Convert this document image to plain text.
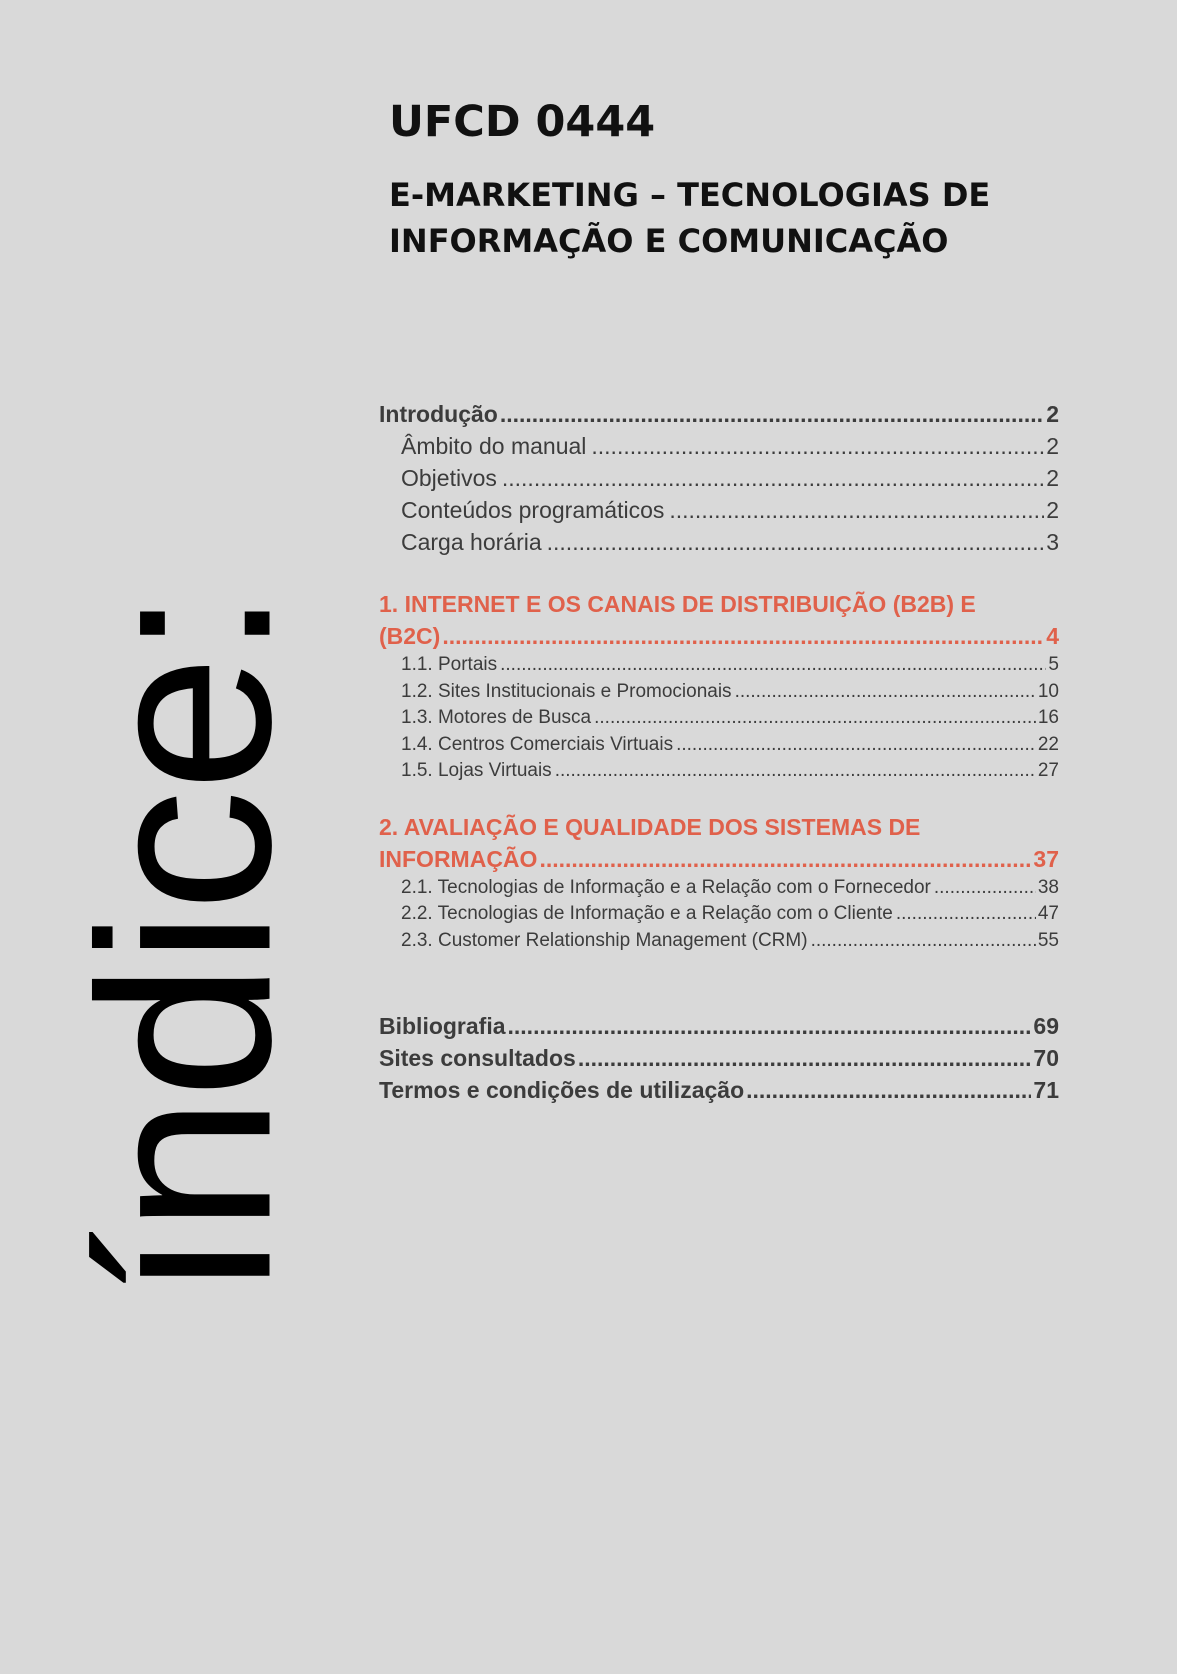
índice:
UFCD 0444
E-MARKETING – TECNOLOGIAS DE
INFORMAÇÃO E COMUNICAÇÃO
Introdução .....	2
Âmbito do manual .....	2
Objetivos .....	2
Conteúdos programáticos .....	2
Carga horária .....	3
1. INTERNET E OS CANAIS DE DISTRIBUIÇÃO (B2B) E
(B2C) .....	4
1.1. Portais .....	5
1.2. Sites Institucionais e Promocionais .....	10
1.3. Motores de Busca .....	16
1.4. Centros Comerciais Virtuais .....	22
1.5. Lojas Virtuais .....	27
2. AVALIAÇÃO E QUALIDADE DOS SISTEMAS DE
INFORMAÇÃO .....	37
2.1. Tecnologias de Informação e a Relação com o Fornecedor .....	38
2.2. Tecnologias de Informação e a Relação com o Cliente .....	47
2.3. Customer Relationship Management (CRM) .....	55
Bibliografia .....	69
Sites consultados .....	70
Termos e condições de utilização .....	71
